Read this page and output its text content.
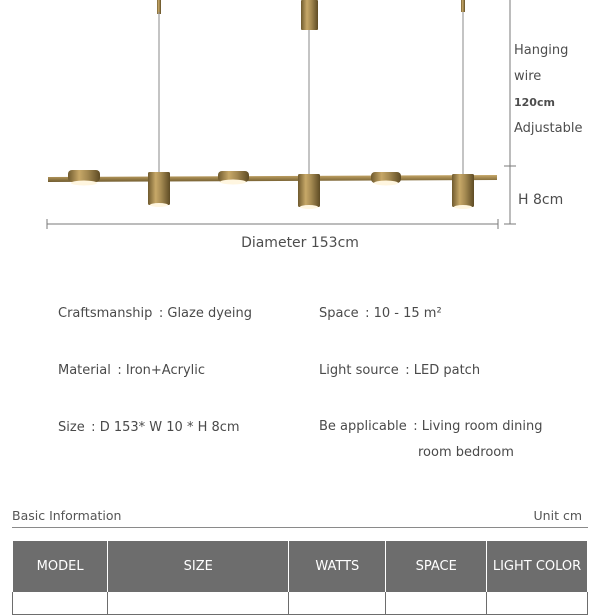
Hanging
wire
120cm
Adjustable
H 8cm
Diameter 153cm
Craftsmanship : Glaze dyeing	Space : 10 - 15 m²
Material : Iron+Acrylic	Light source : LED patch
Size : D 153* W 10 * H 8cm	Be applicable : Living room dining
room bedroom
Basic Information	Unit cm
MODEL	SIZE	WATTS	SPACE	LIGHT COLOR
